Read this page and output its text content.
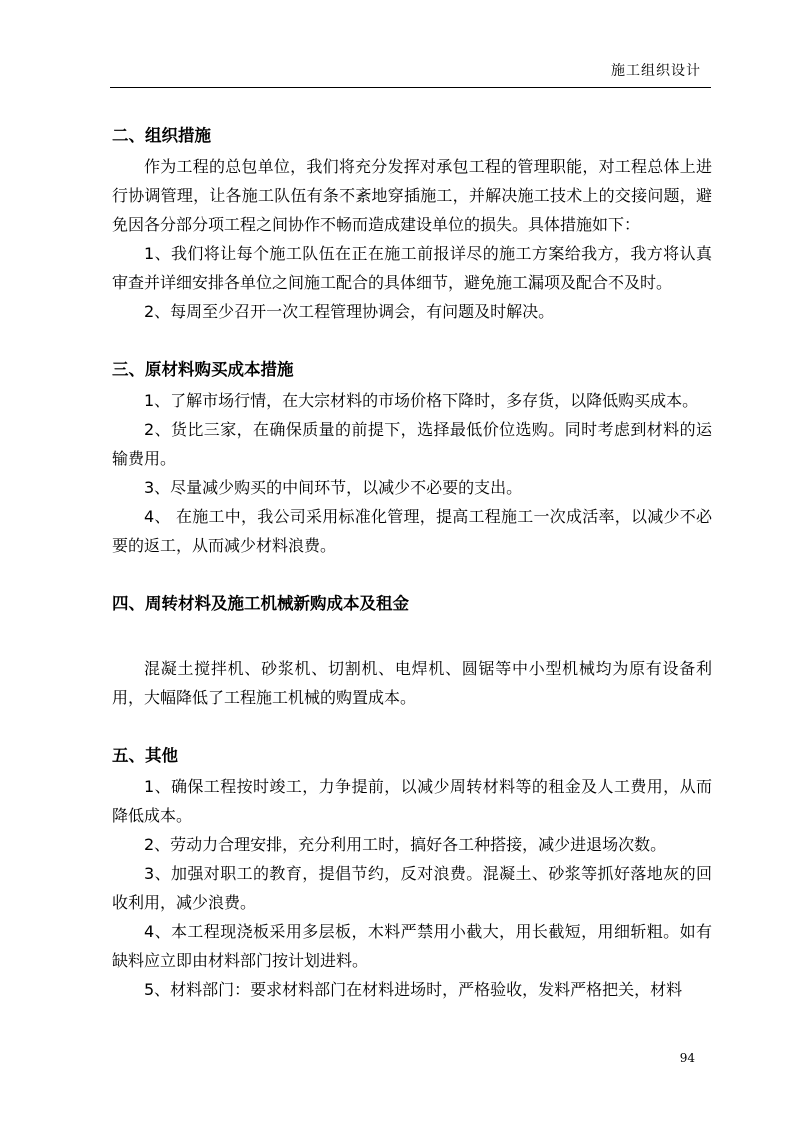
施工组织设计
二、组织措施

作为工程的总包单位，我们将充分发挥对承包工程的管理职能，对工程总体上进行协调管理，让各施工队伍有条不紊地穿插施工，并解决施工技术上的交接问题，避免因各分部分项工程之间协作不畅而造成建设单位的损失。具体措施如下：

1、我们将让每个施工队伍在正在施工前报详尽的施工方案给我方，我方将认真审查并详细安排各单位之间施工配合的具体细节，避免施工漏项及配合不及时。

2、每周至少召开一次工程管理协调会，有问题及时解决。

三、原材料购买成本措施

1、了解市场行情，在大宗材料的市场价格下降时，多存货，以降低购买成本。

2、货比三家，在确保质量的前提下，选择最低价位选购。同时考虑到材料的运输费用。

3、尽量减少购买的中间环节，以减少不必要的支出。

4、 在施工中，我公司采用标准化管理，提高工程施工一次成活率，以减少不必要的返工，从而减少材料浪费。

四、周转材料及施工机械新购成本及租金

混凝土搅拌机、砂浆机、切割机、电焊机、圆锯等中小型机械均为原有设备利用，大幅降低了工程施工机械的购置成本。

五、其他

1、确保工程按时竣工，力争提前，以减少周转材料等的租金及人工费用，从而降低成本。

2、劳动力合理安排，充分利用工时，搞好各工种搭接，减少进退场次数。

3、加强对职工的教育，提倡节约，反对浪费。混凝土、砂浆等抓好落地灰的回收利用，减少浪费。

4、本工程现浇板采用多层板，木料严禁用小截大，用长截短，用细斩粗。如有缺料应立即由材料部门按计划进料。

5、材料部门：要求材料部门在材料进场时，严格验收，发料严格把关，材料

94
